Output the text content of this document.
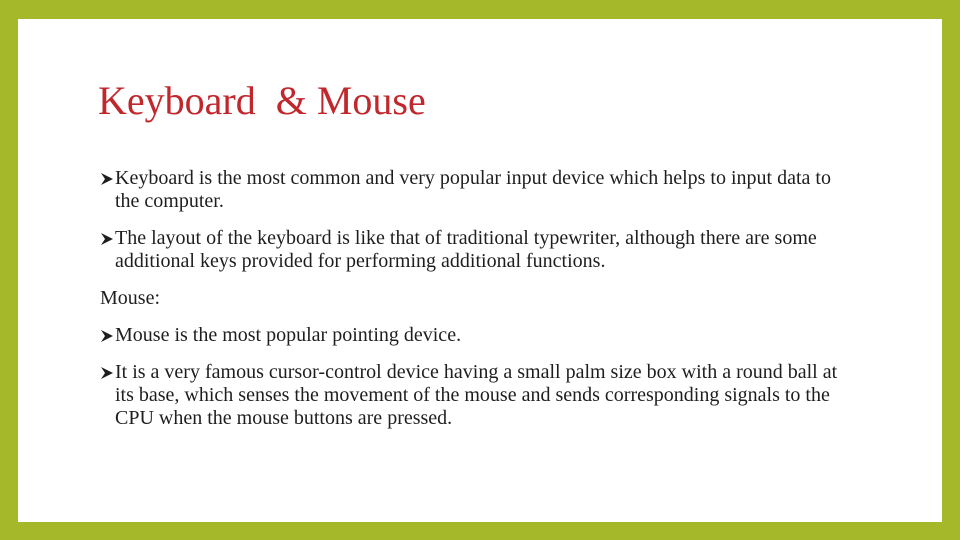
Keyboard  & Mouse
Keyboard is the most common and very popular input device which helps to input data to the computer.
The layout of the keyboard is like that of traditional typewriter, although there are some additional keys provided for performing additional functions.
Mouse:
Mouse is the most popular pointing device.
It is a very famous cursor-control device having a small palm size box with a round ball at its base, which senses the movement of the mouse and sends corresponding signals to the CPU when the mouse buttons are pressed.
